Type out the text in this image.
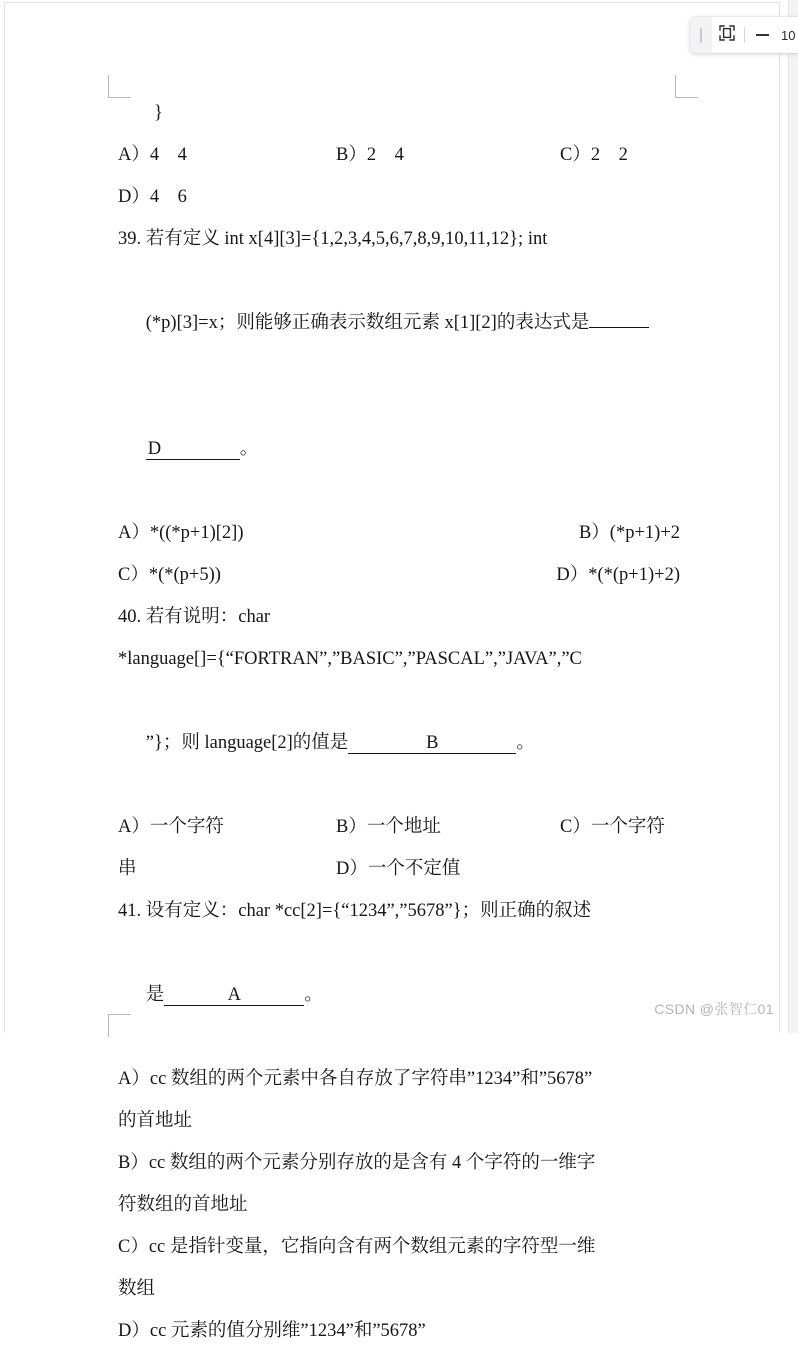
10
}
A）4　4	B）2　4	C）2　2
D）4　6
39. 若有定义 int x[4][3]={1,2,3,4,5,6,7,8,9,10,11,12}; int

(*p)[3]=x；则能够正确表示数组元素 x[1][2]的表达式是

D	。

A）*((*p+1)[2])	B）(*p+1)+2
C）*(*(p+5))	D）*(*(p+1)+2)
40. 若有说明：char
*language[]={“FORTRAN”,”BASIC”,”PASCAL”,”JAVA”,”C

”}；则 language[2]的值是	B	。

A）一个字符	B）一个地址	C）一个字符
串	D）一个不定值
41. 设有定义：char *cc[2]={“1234”,”5678”}；则正确的叙述

是	A	。

A）cc 数组的两个元素中各自存放了字符串”1234”和”5678”
的首地址
B）cc 数组的两个元素分别存放的是含有 4 个字符的一维字
符数组的首地址
C）cc 是指针变量，它指向含有两个数组元素的字符型一维
数组
D）cc 元素的值分别维”1234”和”5678”
CSDN @张智仁01
